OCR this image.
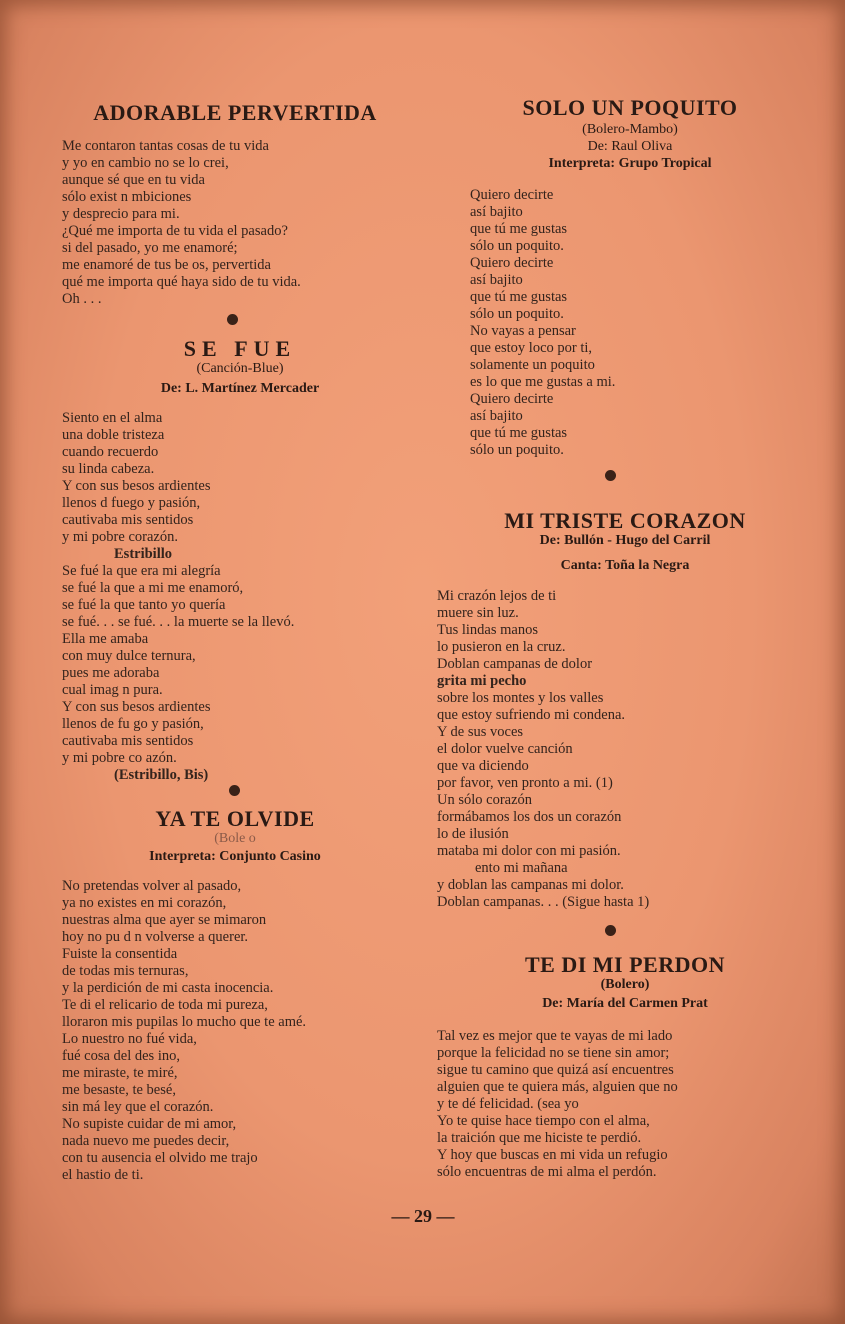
ADORABLE PERVERTIDA
Me contaron tantas cosas de tu vida
y yo en cambio no se lo crei,
aunque sé que en tu vida
sólo exist n mbiciones
y desprecio para mi.
¿Qué me importa de tu vida el pasado?
si del pasado, yo me enamoré;
me enamoré de tus be os, pervertida
qué me importa qué haya sido de tu vida.
Oh . . .
SE FUE

(Canción-Blue)

De: L. Martínez Mercader

Siento en el alma
una doble tristeza
cuando recuerdo
su linda cabeza.
Y con sus besos ardientes
llenos d fuego y pasión,
cautivaba mis sentidos
y mi pobre corazón.
Estribillo
Se fué la que era mi alegría
se fué la que a mi me enamoró,
se fué la que tanto yo quería
se fué. . . se fué. . . la muerte se la llevó.
Ella me amaba
con muy dulce ternura,
pues me adoraba
cual imag n pura.
Y con sus besos ardientes
llenos de fu go y pasión,
cautivaba mis sentidos
y mi pobre co azón.
(Estribillo, Bis)
YA TE OLVIDE

(Bole o

Interpreta: Conjunto Casino

No pretendas volver al pasado,
ya no existes en mi corazón,
nuestras alma que ayer se mimaron
hoy no pu d n volverse a querer.
Fuiste la consentida
de todas mis ternuras,
y la perdición de mi casta inocencia.
Te di el relicario de toda mi pureza,
lloraron mis pupilas lo mucho que te amé.
Lo nuestro no fué vida,
fué cosa del des ino,
me miraste, te miré,
me besaste, te besé,
sin má ley que el corazón.
No supiste cuidar de mi amor,
nada nuevo me puedes decir,
con tu ausencia el olvido me trajo
el hastio de ti.
SOLO UN POQUITO

(Bolero-Mambo)

De: Raul Oliva

Interpreta: Grupo Tropical

Quiero decirte
así bajito
que tú me gustas
sólo un poquito.
Quiero decirte
así bajito
que tú me gustas
sólo un poquito.
No vayas a pensar
que estoy loco por ti,
solamente un poquito
es lo que me gustas a mi.
Quiero decirte
así bajito
que tú me gustas
sólo un poquito.
MI TRISTE CORAZON

De: Bullón - Hugo del Carril

Canta: Toña la Negra

Mi crazón lejos de ti
muere sin luz.
Tus lindas manos
lo pusieron en la cruz.
Doblan campanas de dolor
grita mi pecho
sobre los montes y los valles
que estoy sufriendo mi condena.
Y de sus voces
el dolor vuelve canción
que va diciendo
por favor, ven pronto a mi. (1)
Un sólo corazón
formábamos los dos un corazón
lo de ilusión
mataba mi dolor con mi pasión.
ento mi mañana
y doblan las campanas mi dolor.
Doblan campanas. . . (Sigue hasta 1)
TE DI MI PERDON

(Bolero)

De: María del Carmen Prat

Tal vez es mejor que te vayas de mi lado
porque la felicidad no se tiene sin amor;
sigue tu camino que quizá así encuentres
alguien que te quiera más, alguien que no
y te dé felicidad. (sea yo
Yo te quise hace tiempo con el alma,
la traición que me hiciste te perdió.
Y hoy que buscas en mi vida un refugio
sólo encuentras de mi alma el perdón.
— 29 —
